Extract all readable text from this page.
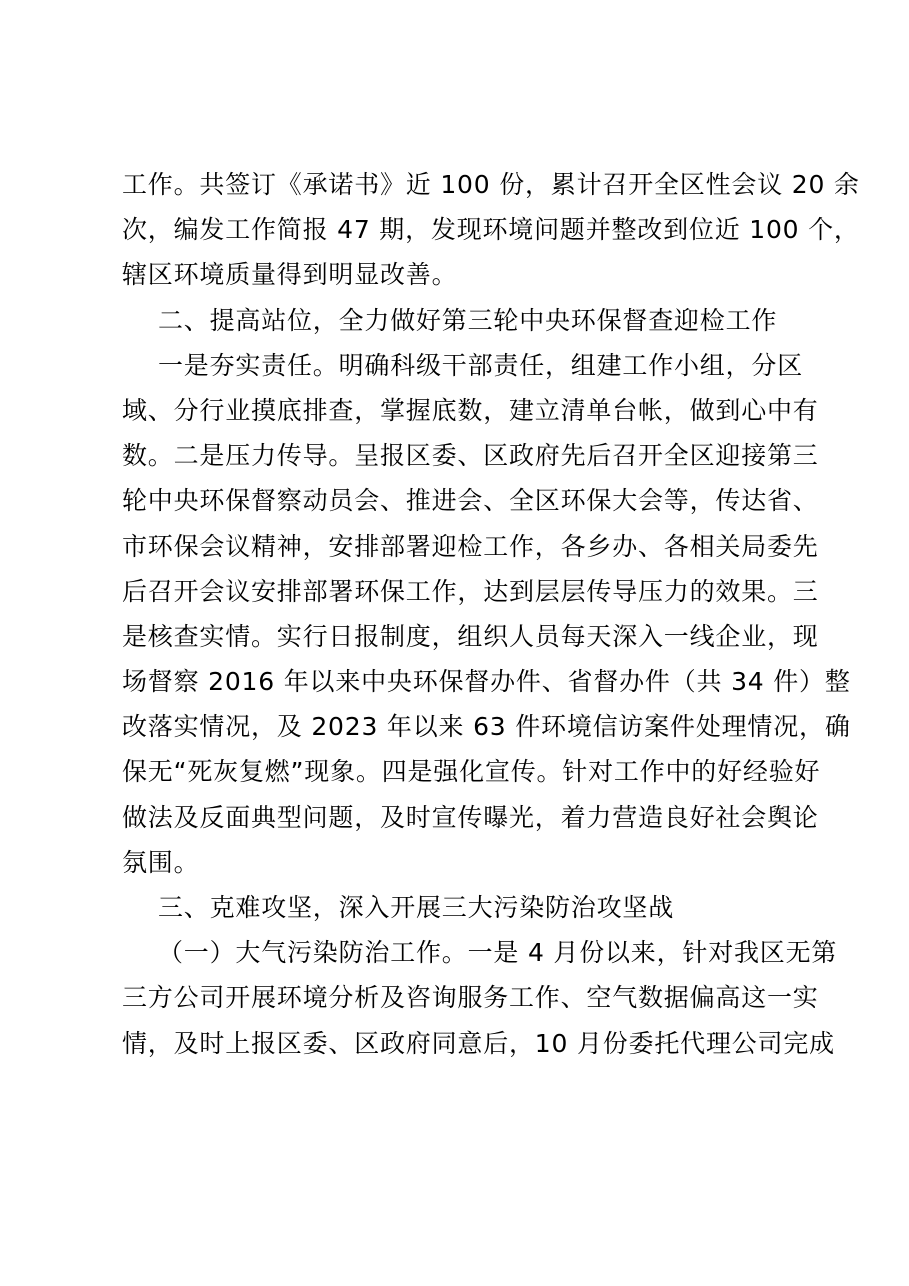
工作。共签订《承诺书》近 100 份，累计召开全区性会议 20 余
次，编发工作简报 47 期，发现环境问题并整改到位近 100 个，
辖区环境质量得到明显改善。
二、提高站位，全力做好第三轮中央环保督查迎检工作
一是夯实责任。明确科级干部责任，组建工作小组，分区
域、分行业摸底排查，掌握底数，建立清单台帐，做到心中有
数。二是压力传导。呈报区委、区政府先后召开全区迎接第三
轮中央环保督察动员会、推进会、全区环保大会等，传达省、
市环保会议精神，安排部署迎检工作，各乡办、各相关局委先
后召开会议安排部署环保工作，达到层层传导压力的效果。三
是核查实情。实行日报制度，组织人员每天深入一线企业，现
场督察 2016 年以来中央环保督办件、省督办件（共 34 件）整
改落实情况，及 2023 年以来 63 件环境信访案件处理情况，确
保无“死灰复燃”现象。四是强化宣传。针对工作中的好经验好
做法及反面典型问题，及时宣传曝光，着力营造良好社会舆论
氛围。
三、克难攻坚，深入开展三大污染防治攻坚战
（一）大气污染防治工作。一是 4 月份以来，针对我区无第
三方公司开展环境分析及咨询服务工作、空气数据偏高这一实
情，及时上报区委、区政府同意后，10 月份委托代理公司完成
